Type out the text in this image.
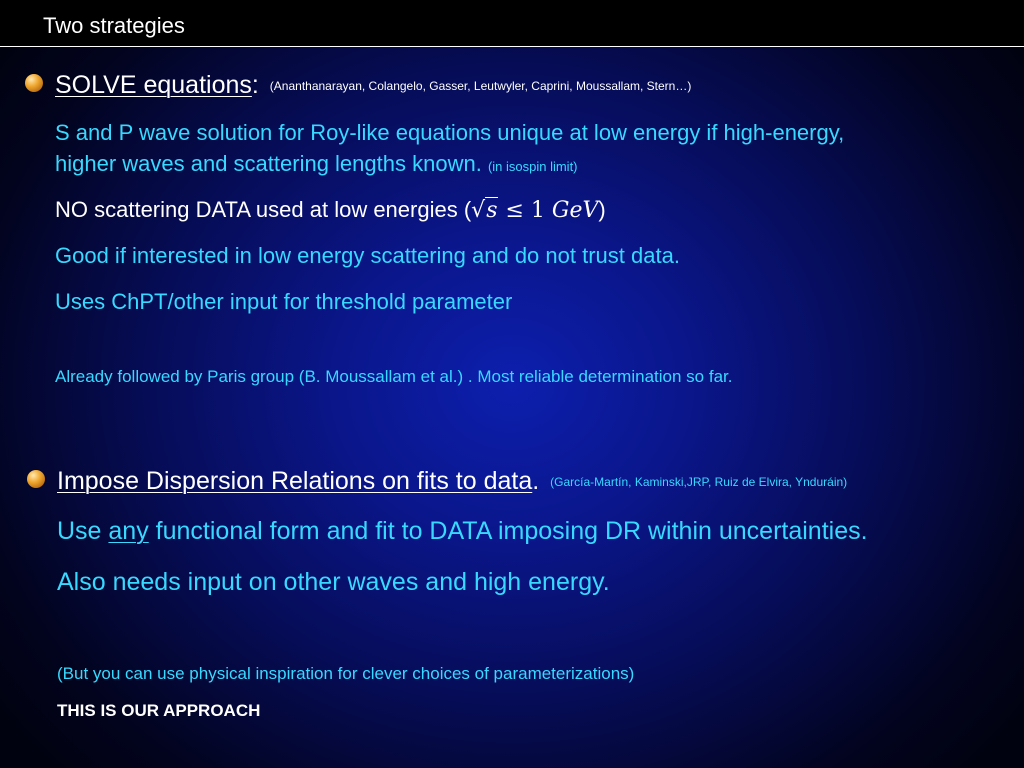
Two strategies
SOLVE equations: (Ananthanarayan, Colangelo, Gasser, Leutwyler, Caprini, Moussallam, Stern…)
S and P wave solution for Roy-like equations unique at low energy if high-energy,
higher waves and scattering lengths known. (in isospin limit)
NO scattering DATA used at low energies (√s ≤ 1 GeV)
Good if interested in low energy scattering and do not trust data.
Uses ChPT/other input for threshold parameter
Already followed by Paris group (B. Moussallam et al.) . Most reliable determination so far.
Impose Dispersion Relations on fits to data. (García-Martín, Kaminski,JRP, Ruiz de Elvira, Ynduráin)
Use any functional form and fit to DATA imposing DR within uncertainties.
Also needs input on other waves and high energy.
(But you can use physical inspiration for clever choices of parameterizations)
THIS IS OUR APPROACH
